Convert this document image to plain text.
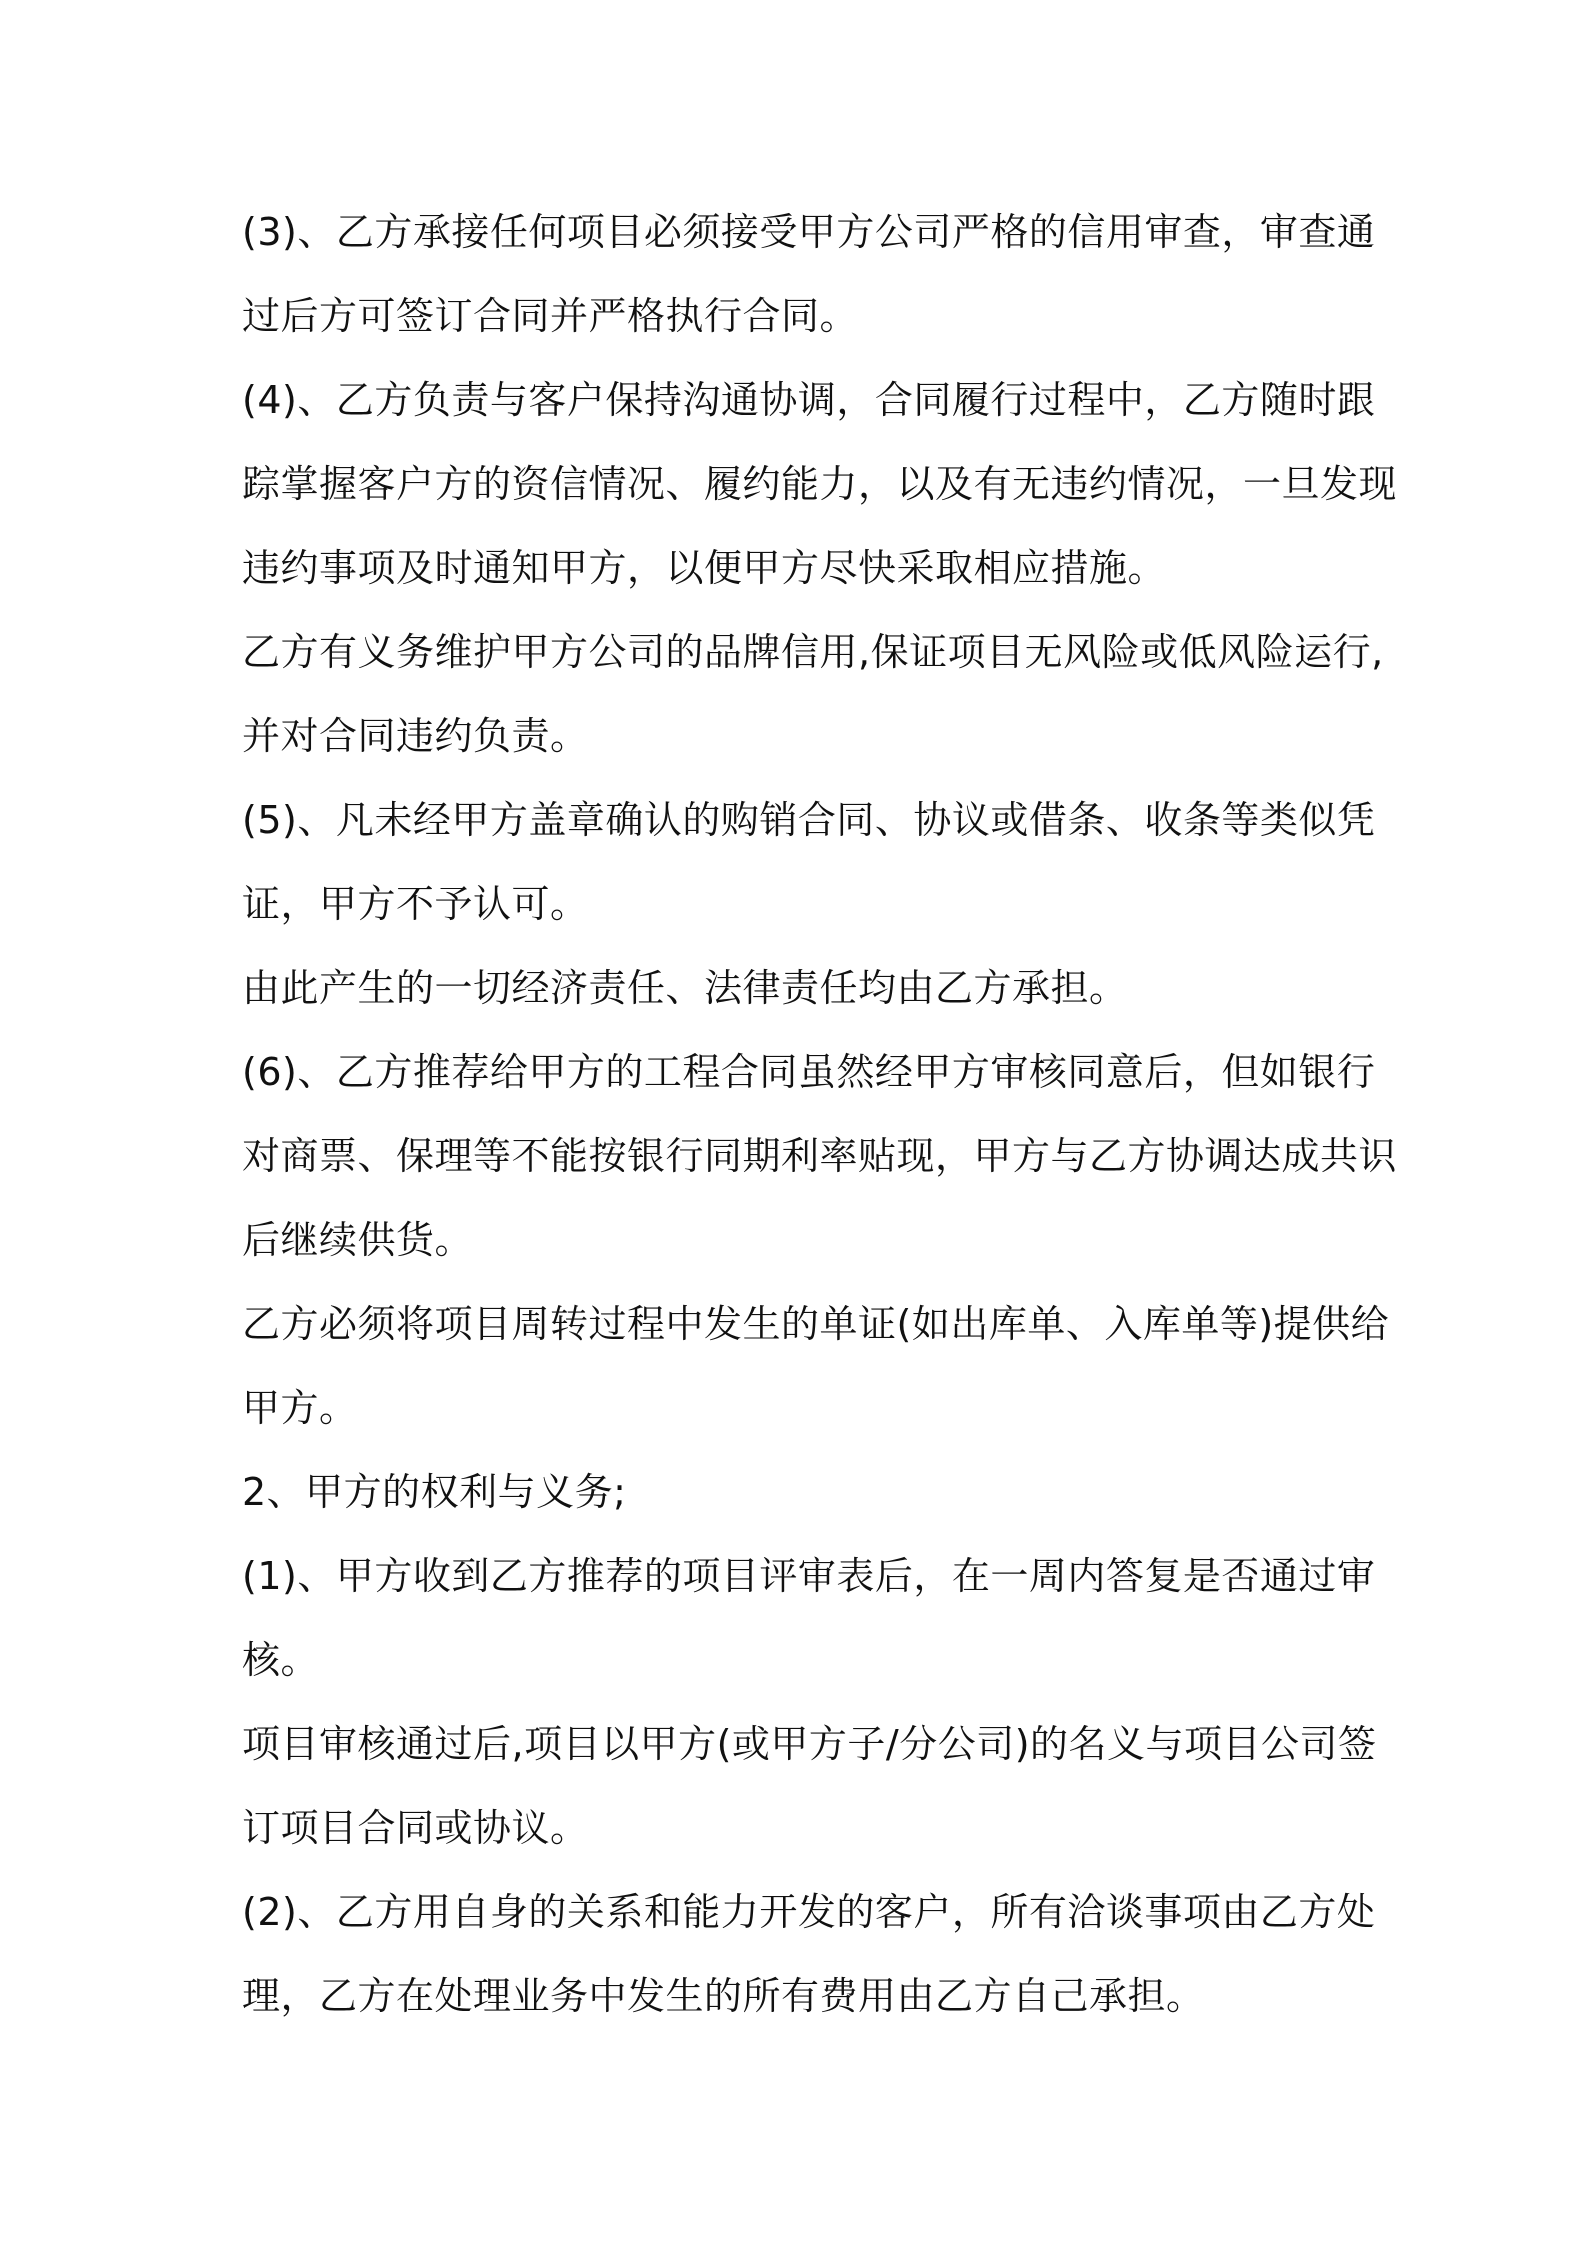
(3)、乙方承接任何项目必须接受甲方公司严格的信用审查，审查通
过后方可签订合同并严格执行合同。
(4)、乙方负责与客户保持沟通协调，合同履行过程中，乙方随时跟
踪掌握客户方的资信情况、履约能力，以及有无违约情况，一旦发现
违约事项及时通知甲方，以便甲方尽快采取相应措施。
乙方有义务维护甲方公司的品牌信用,保证项目无风险或低风险运行,
并对合同违约负责。
(5)、凡未经甲方盖章确认的购销合同、协议或借条、收条等类似凭
证，甲方不予认可。
由此产生的一切经济责任、法律责任均由乙方承担。
(6)、乙方推荐给甲方的工程合同虽然经甲方审核同意后，但如银行
对商票、保理等不能按银行同期利率贴现，甲方与乙方协调达成共识
后继续供货。
乙方必须将项目周转过程中发生的单证(如出库单、入库单等)提供给
甲方。
2、甲方的权利与义务;
(1)、甲方收到乙方推荐的项目评审表后，在一周内答复是否通过审
核。
项目审核通过后,项目以甲方(或甲方子/分公司)的名义与项目公司签
订项目合同或协议。
(2)、乙方用自身的关系和能力开发的客户，所有洽谈事项由乙方处
理，乙方在处理业务中发生的所有费用由乙方自己承担。
